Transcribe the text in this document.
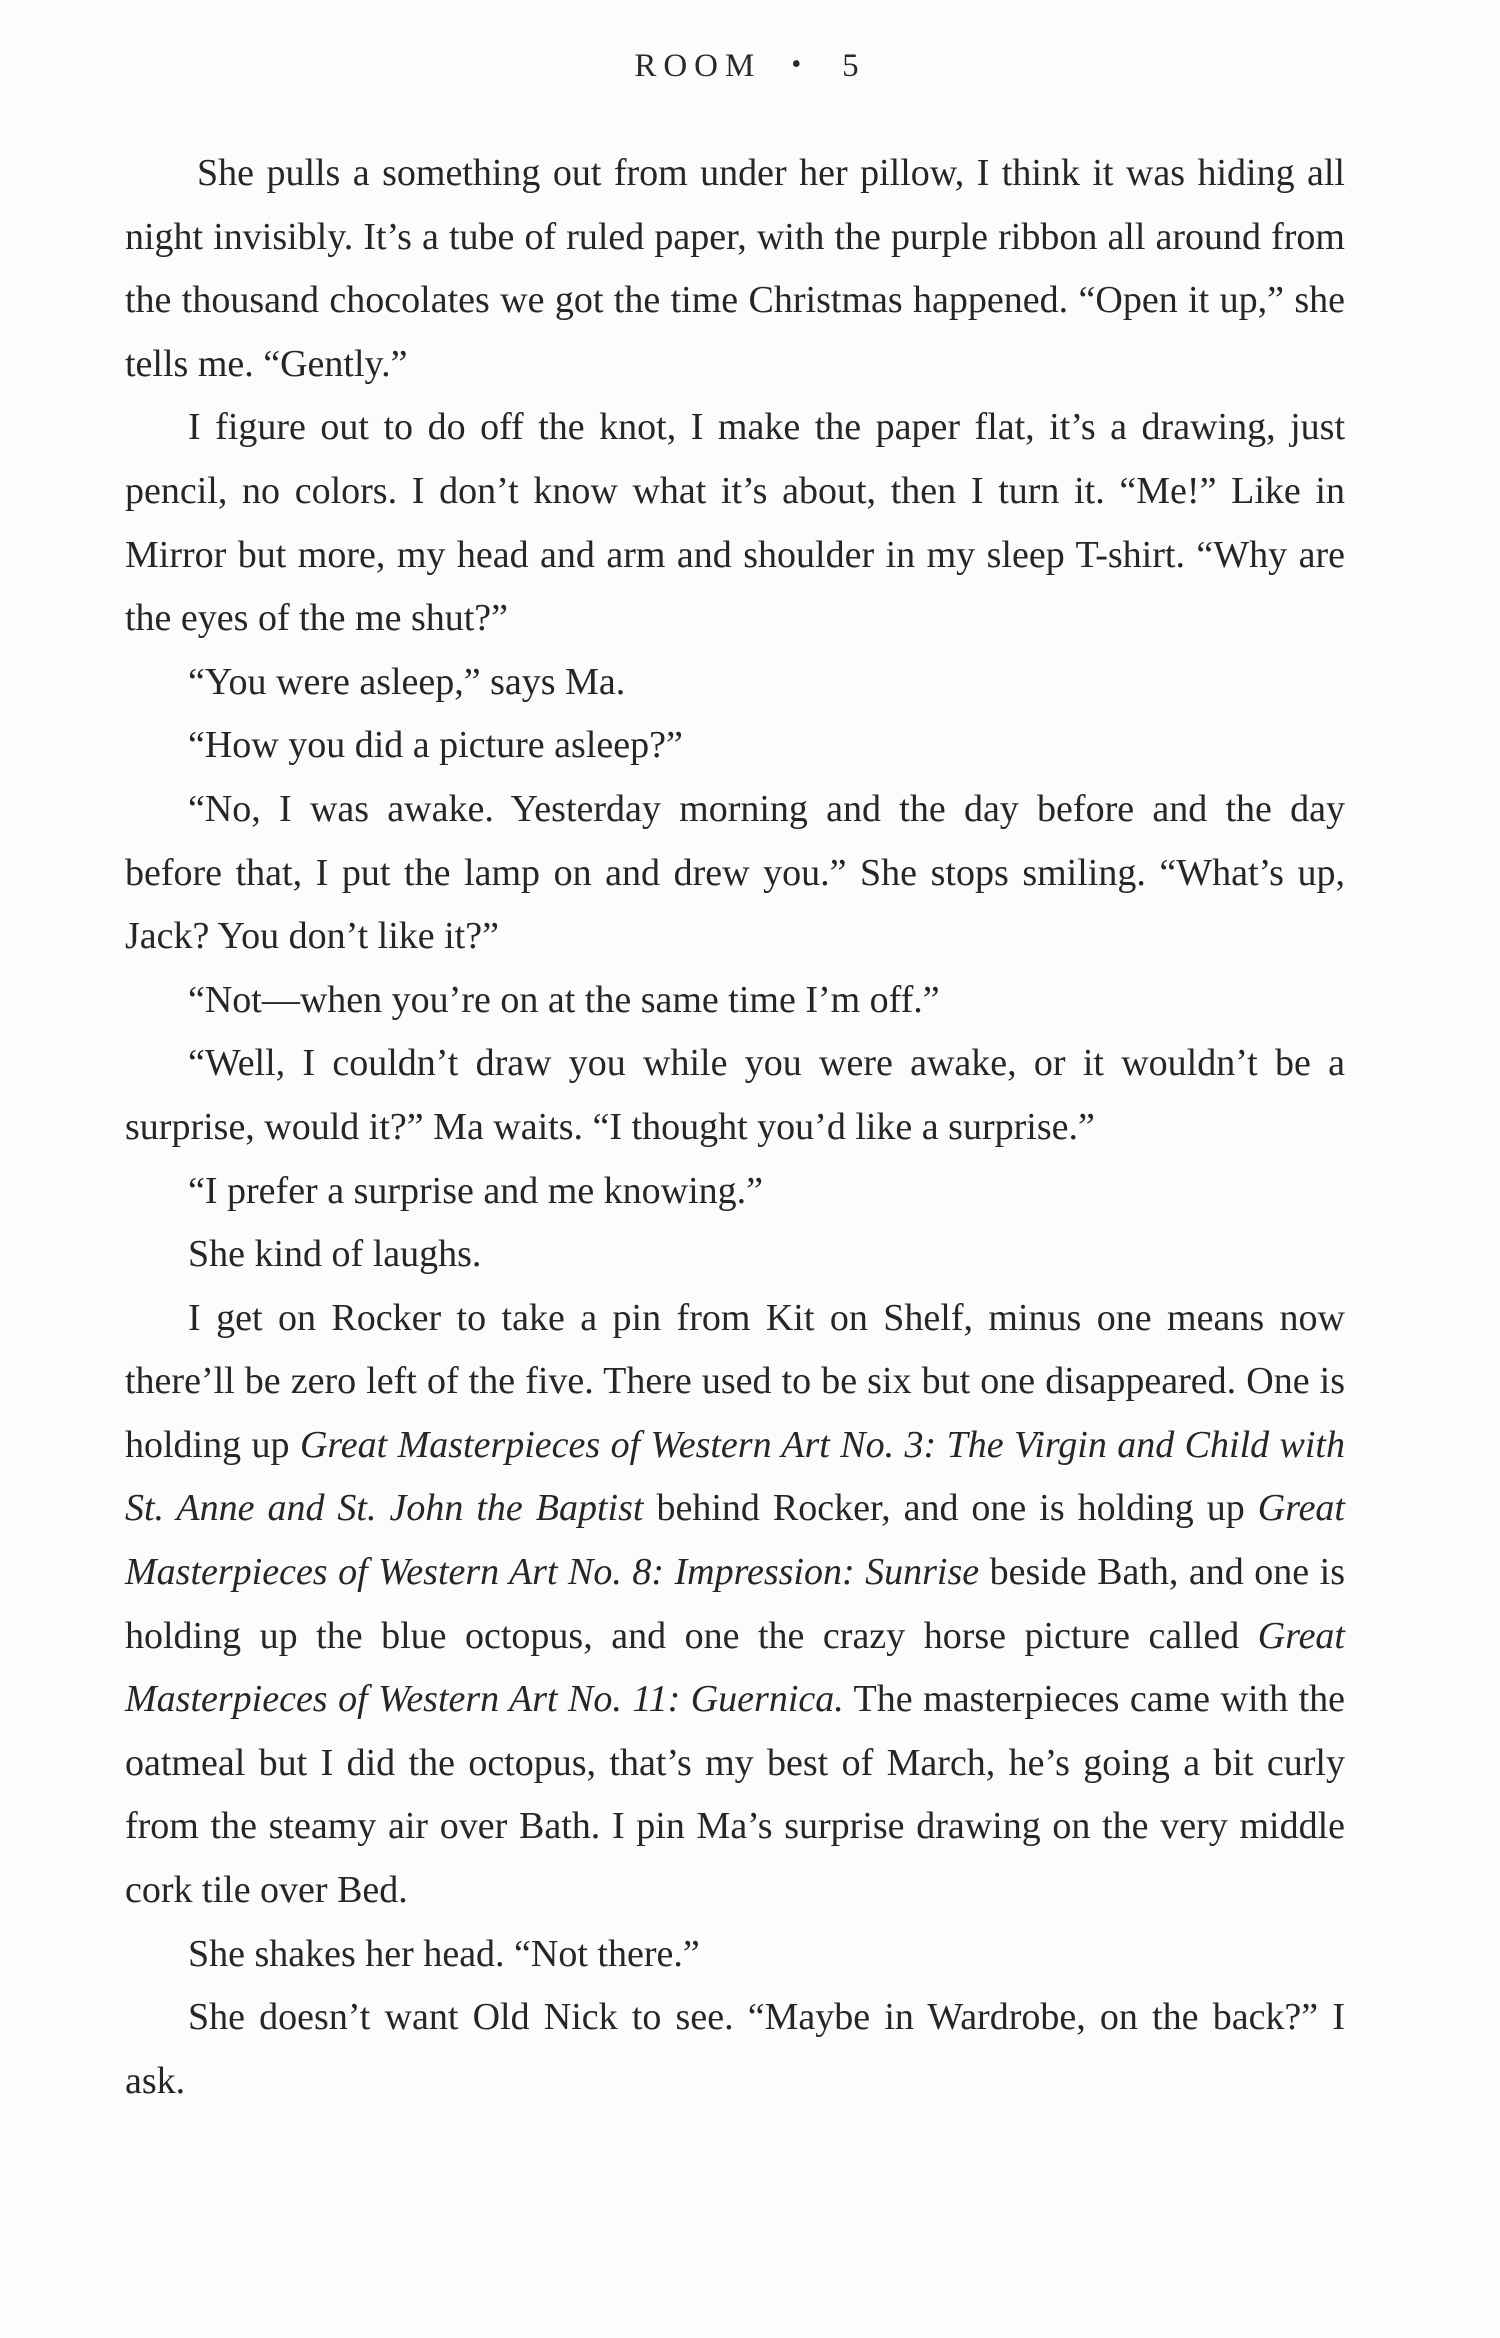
ROOM • 5

She pulls a something out from under her pillow, I think it was hiding all night invisibly. It’s a tube of ruled paper, with the purple ribbon all around from the thousand chocolates we got the time Christmas happened. “Open it up,” she tells me. “Gently.”

I figure out to do off the knot, I make the paper flat, it’s a drawing, just pencil, no colors. I don’t know what it’s about, then I turn it. “Me!” Like in Mirror but more, my head and arm and shoulder in my sleep T-shirt. “Why are the eyes of the me shut?”

“You were asleep,” says Ma.

“How you did a picture asleep?”

“No, I was awake. Yesterday morning and the day before and the day before that, I put the lamp on and drew you.” She stops smiling. “What’s up, Jack? You don’t like it?”

“Not—when you’re on at the same time I’m off.”

“Well, I couldn’t draw you while you were awake, or it wouldn’t be a surprise, would it?” Ma waits. “I thought you’d like a surprise.”

“I prefer a surprise and me knowing.”

She kind of laughs.

I get on Rocker to take a pin from Kit on Shelf, minus one means now there’ll be zero left of the five. There used to be six but one disappeared. One is holding up Great Masterpieces of Western Art No. 3: The Virgin and Child with St. Anne and St. John the Baptist behind Rocker, and one is holding up Great Masterpieces of Western Art No. 8: Impression: Sunrise beside Bath, and one is holding up the blue octopus, and one the crazy horse picture called Great Masterpieces of Western Art No. 11: Guernica. The masterpieces came with the oatmeal but I did the octopus, that’s my best of March, he’s going a bit curly from the steamy air over Bath. I pin Ma’s surprise drawing on the very middle cork tile over Bed.

She shakes her head. “Not there.”

She doesn’t want Old Nick to see. “Maybe in Wardrobe, on the back?” I ask.
